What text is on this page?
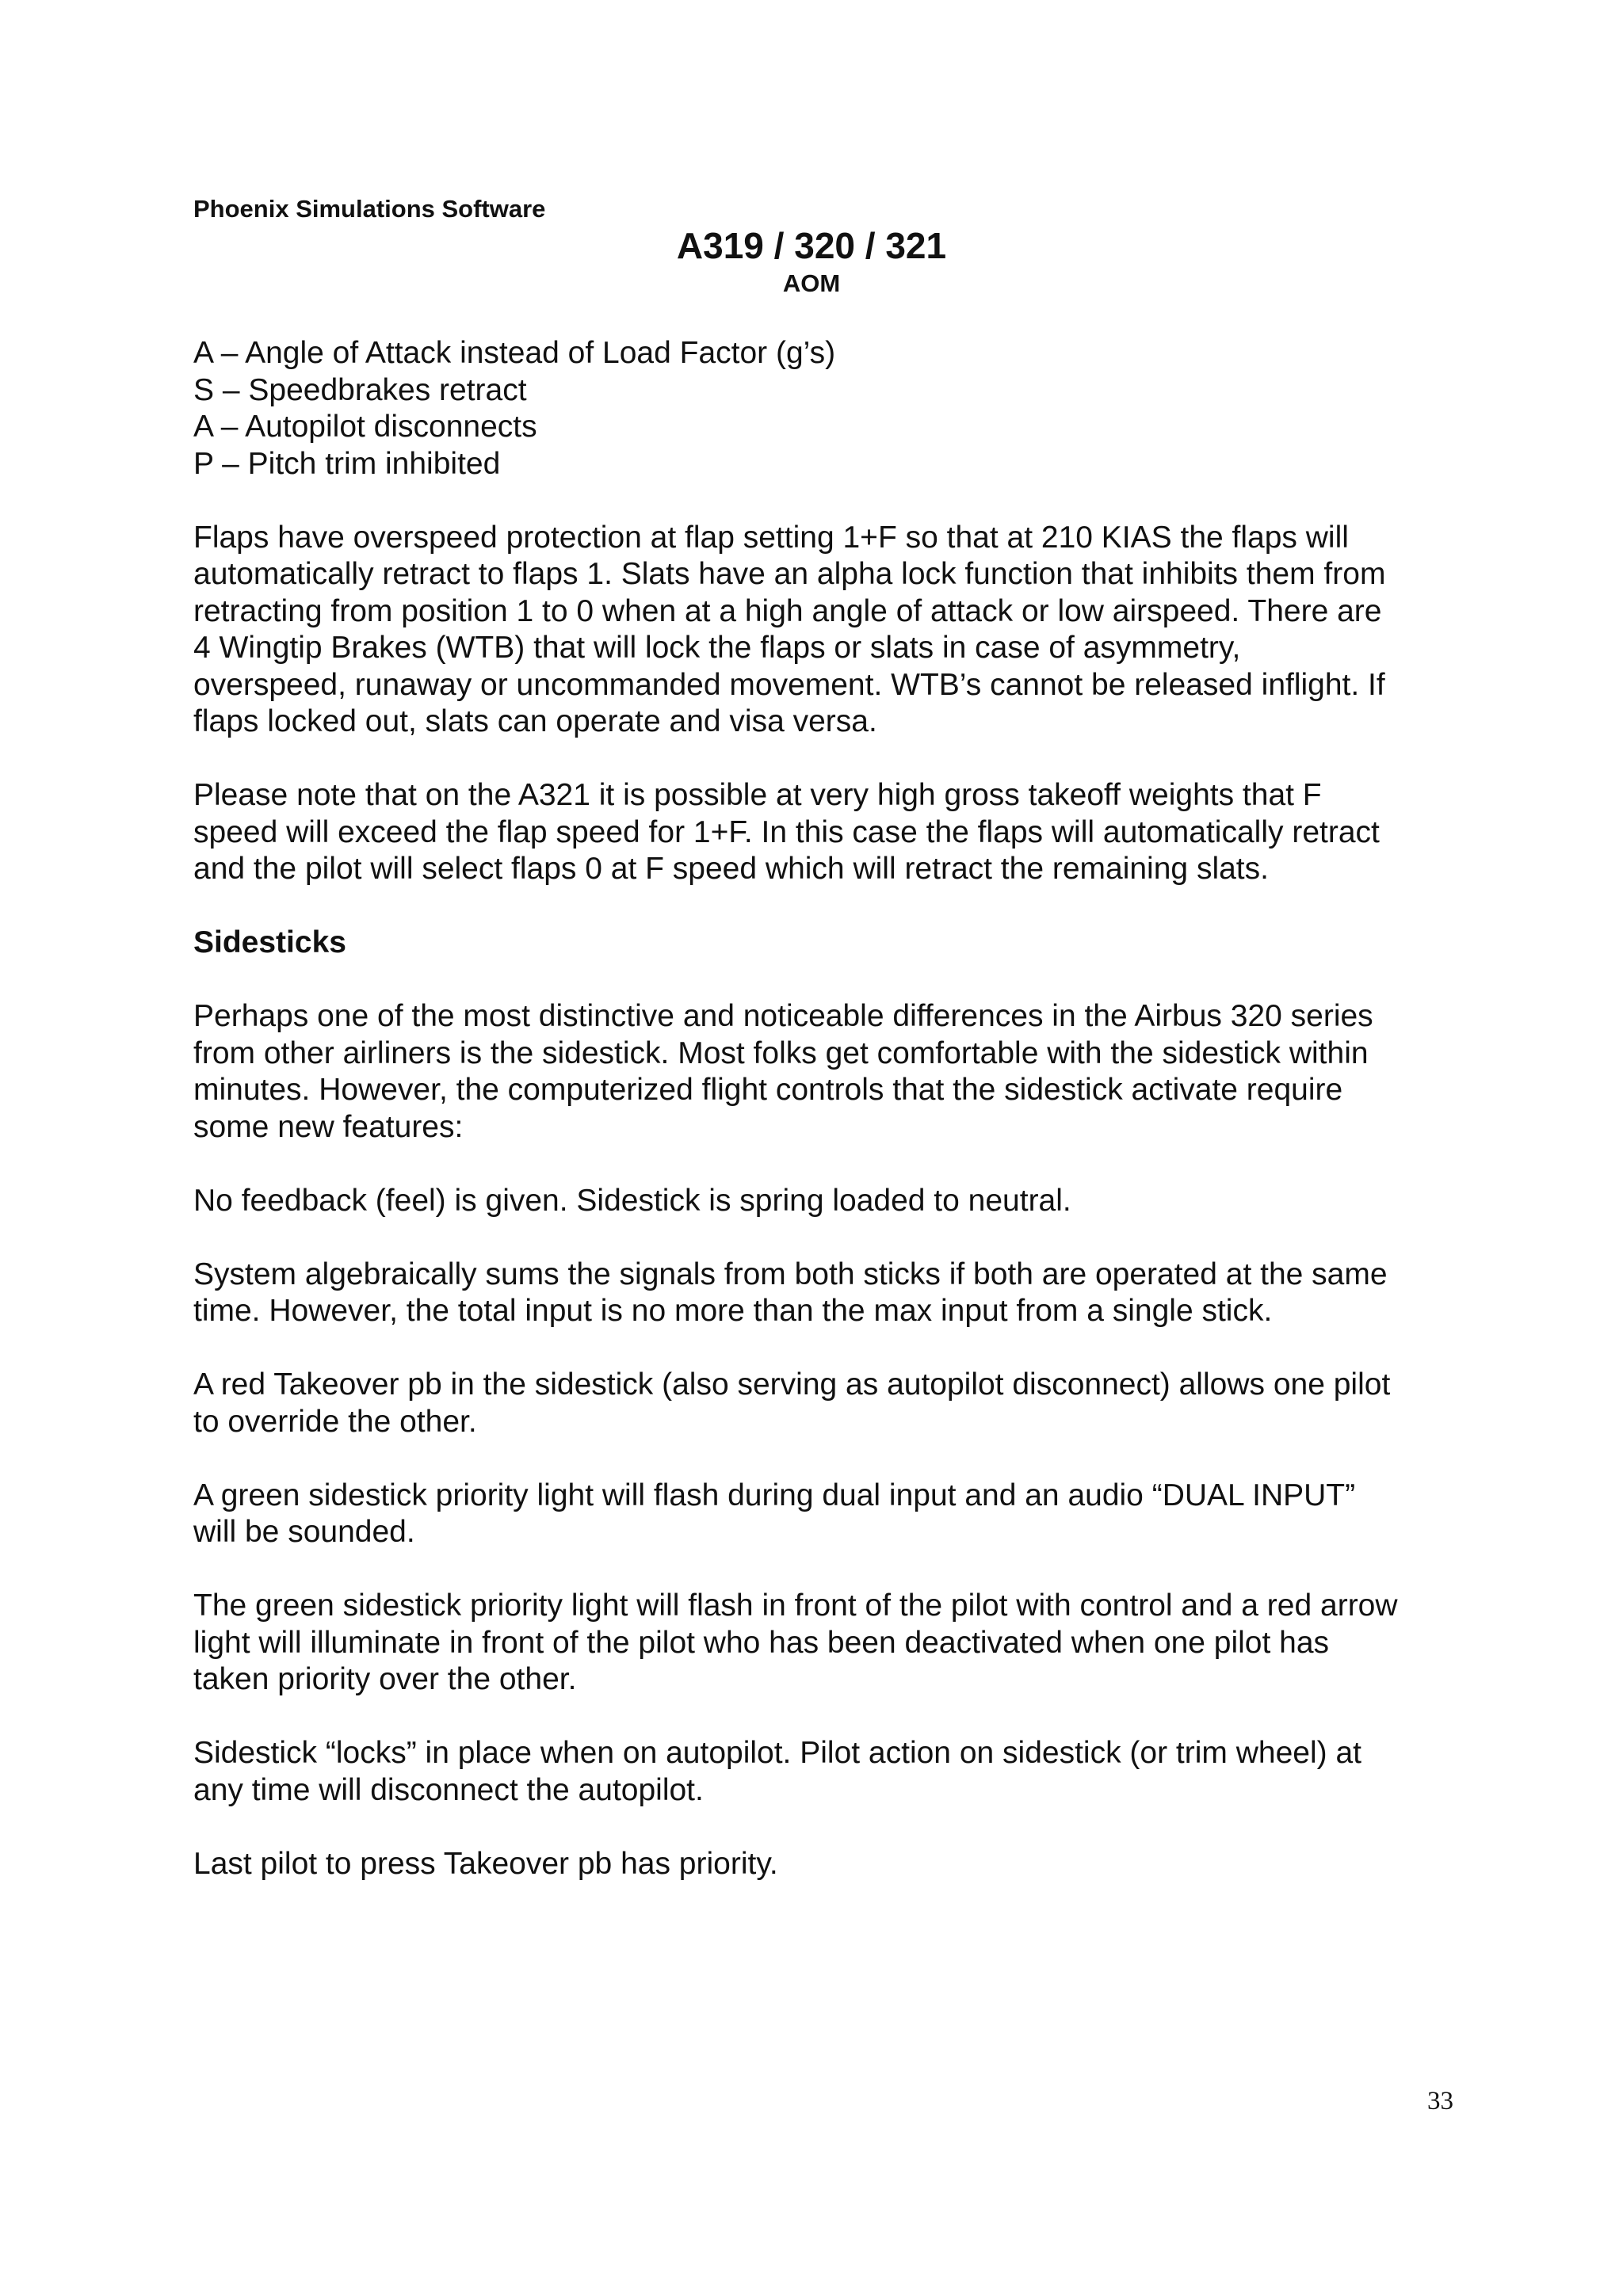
Phoenix Simulations Software
A319 / 320 / 321
AOM

A – Angle of Attack instead of Load Factor (g’s)
S – Speedbrakes retract
A – Autopilot disconnects
P – Pitch trim inhibited

Flaps have overspeed protection at flap setting 1+F so that at 210 KIAS the flaps will
automatically retract to flaps 1. Slats have an alpha lock function that inhibits them from
retracting from position 1 to 0 when at a high angle of attack or low airspeed. There are
4 Wingtip Brakes (WTB) that will lock the flaps or slats in case of asymmetry,
overspeed, runaway or uncommanded movement. WTB’s cannot be released inflight. If
flaps locked out, slats can operate and visa versa.

Please note that on the A321 it is possible at very high gross takeoff weights that F
speed will exceed the flap speed for 1+F. In this case the flaps will automatically retract
and the pilot will select flaps 0 at F speed which will retract the remaining slats.

Sidesticks

Perhaps one of the most distinctive and noticeable differences in the Airbus 320 series
from other airliners is the sidestick. Most folks get comfortable with the sidestick within
minutes. However, the computerized flight controls that the sidestick activate require
some new features:

No feedback (feel) is given. Sidestick is spring loaded to neutral.

System algebraically sums the signals from both sticks if both are operated at the same
time. However, the total input is no more than the max input from a single stick.

A red Takeover pb in the sidestick (also serving as autopilot disconnect) allows one pilot
to override the other.

A green sidestick priority light will flash during dual input and an audio “DUAL INPUT”
will be sounded.

The green sidestick priority light will flash in front of the pilot with control and a red arrow
light will illuminate in front of the pilot who has been deactivated when one pilot has
taken priority over the other.

Sidestick “locks” in place when on autopilot. Pilot action on sidestick (or trim wheel) at
any time will disconnect the autopilot.

Last pilot to press Takeover pb has priority.

33
